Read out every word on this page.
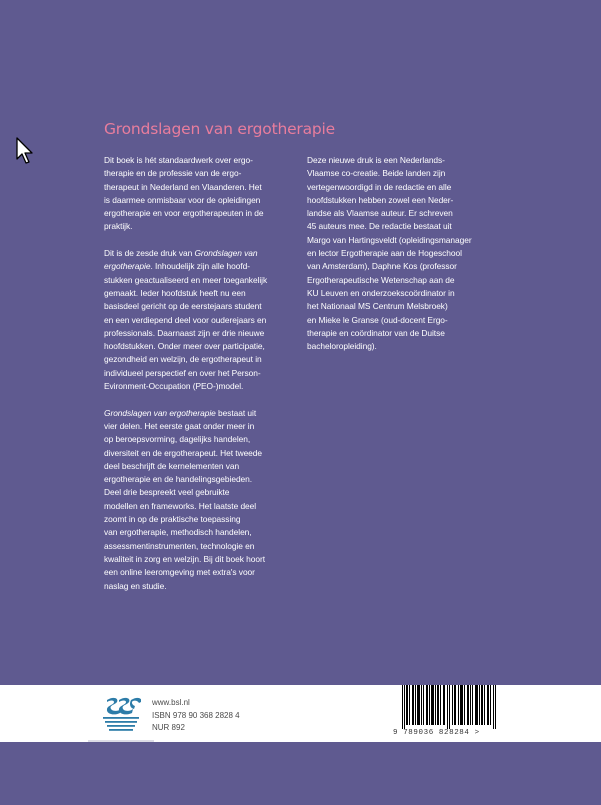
Grondslagen van ergotherapie

Dit boek is hét standaardwerk over ergo-
therapie en de professie van de ergo-
therapeut in Nederland en Vlaanderen. Het
is daarmee onmisbaar voor de opleidingen
ergotherapie en voor ergotherapeuten in de
praktijk.

Dit is de zesde druk van Grondslagen van
ergotherapie. Inhoudelijk zijn alle hoofd-
stukken geactualiseerd en meer toegankelijk
gemaakt. Ieder hoofdstuk heeft nu een
basisdeel gericht op de eerstejaars student
en een verdiepend deel voor ouderejaars en
professionals. Daarnaast zijn er drie nieuwe
hoofdstukken. Onder meer over participatie,
gezondheid en welzijn, de ergotherapeut in
individueel perspectief en over het Person-
Evironment-Occupation (PEO-)model.

Grondslagen van ergotherapie bestaat uit
vier delen. Het eerste gaat onder meer in
op beroepsvorming, dagelijks handelen,
diversiteit en de ergotherapeut. Het tweede
deel beschrijft de kernelementen van
ergotherapie en de handelingsgebieden.
Deel drie bespreekt veel gebruikte
modellen en frameworks. Het laatste deel
zoomt in op de praktische toepassing
van ergotherapie, methodisch handelen,
assessmentinstrumenten, technologie en
kwaliteit in zorg en welzijn. Bij dit boek hoort
een online leeromgeving met extra's voor
naslag en studie.

Deze nieuwe druk is een Nederlands-
Vlaamse co-creatie. Beide landen zijn
vertegenwoordigd in de redactie en alle
hoofdstukken hebben zowel een Neder-
landse als Vlaamse auteur. Er schreven
45 auteurs mee. De redactie bestaat uit
Margo van Hartingsveldt (opleidingsmanager
en lector Ergotherapie aan de Hogeschool
van Amsterdam), Daphne Kos (professor
Ergotherapeutische Wetenschap aan de
KU Leuven en onderzoekscoördinator in
het Nationaal MS Centrum Melsbroek)
en Mieke le Granse (oud-docent Ergo-
therapie en coördinator van de Duitse
bacheloropleiding).

www.bsl.nl
ISBN 978 90 368 2828 4
NUR 892
9 789036 828284 >
